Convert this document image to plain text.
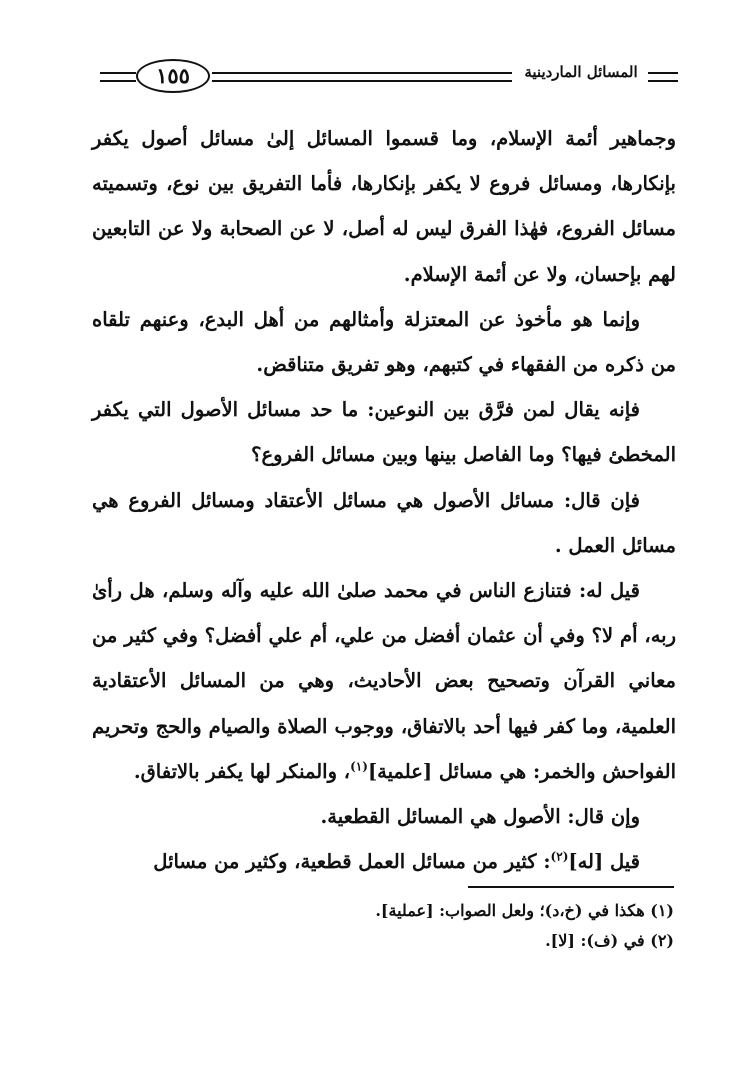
١٥٥	المسائل الماردينية

وجماهير أئمة الإسلام، وما قسموا المسائل إلىٰ مسائل أصول يكفر بإنكارها، ومسائل فروع لا يكفر بإنكارها، فأما التفريق بين نوع، وتسميته مسائل الفروع، فهٰذا الفرق ليس له أصل، لا عن الصحابة ولا عن التابعين لهم بإحسان، ولا عن أئمة الإسلام.

وإنما هو مأخوذ عن المعتزلة وأمثالهم من أهل البدع، وعنهم تلقاه من ذكره من الفقهاء في كتبهم، وهو تفريق متناقض.

فإنه يقال لمن فرَّق بين النوعين: ما حد مسائل الأصول التي يكفر المخطئ فيها؟ وما الفاصل بينها وبين مسائل الفروع؟

فإن قال: مسائل الأصول هي مسائل الأعتقاد ومسائل الفروع هي مسائل العمل .

قيل له: فتنازع الناس في محمد صلىٰ الله عليه وآله وسلم، هل رأىٰ ربه، أم لا؟ وفي أن عثمان أفضل من علي، أم علي أفضل؟ وفي كثير من معاني القرآن وتصحيح بعض الأحاديث، وهي من المسائل الأعتقادية العلمية، وما كفر فيها أحد بالاتفاق، ووجوب الصلاة والصيام والحج وتحريم الفواحش والخمر: هي مسائل [علمية]$^{(١)}$، والمنكر لها يكفر بالاتفاق.

وإن قال: الأصول هي المسائل القطعية.

قيل [له]$^{(٢)}$: كثير من مسائل العمل قطعية، وكثير من مسائل

(١) هكذا في (خ،د)؛ ولعل الصواب: [عملية].

(٢) في (ف): [لا].
